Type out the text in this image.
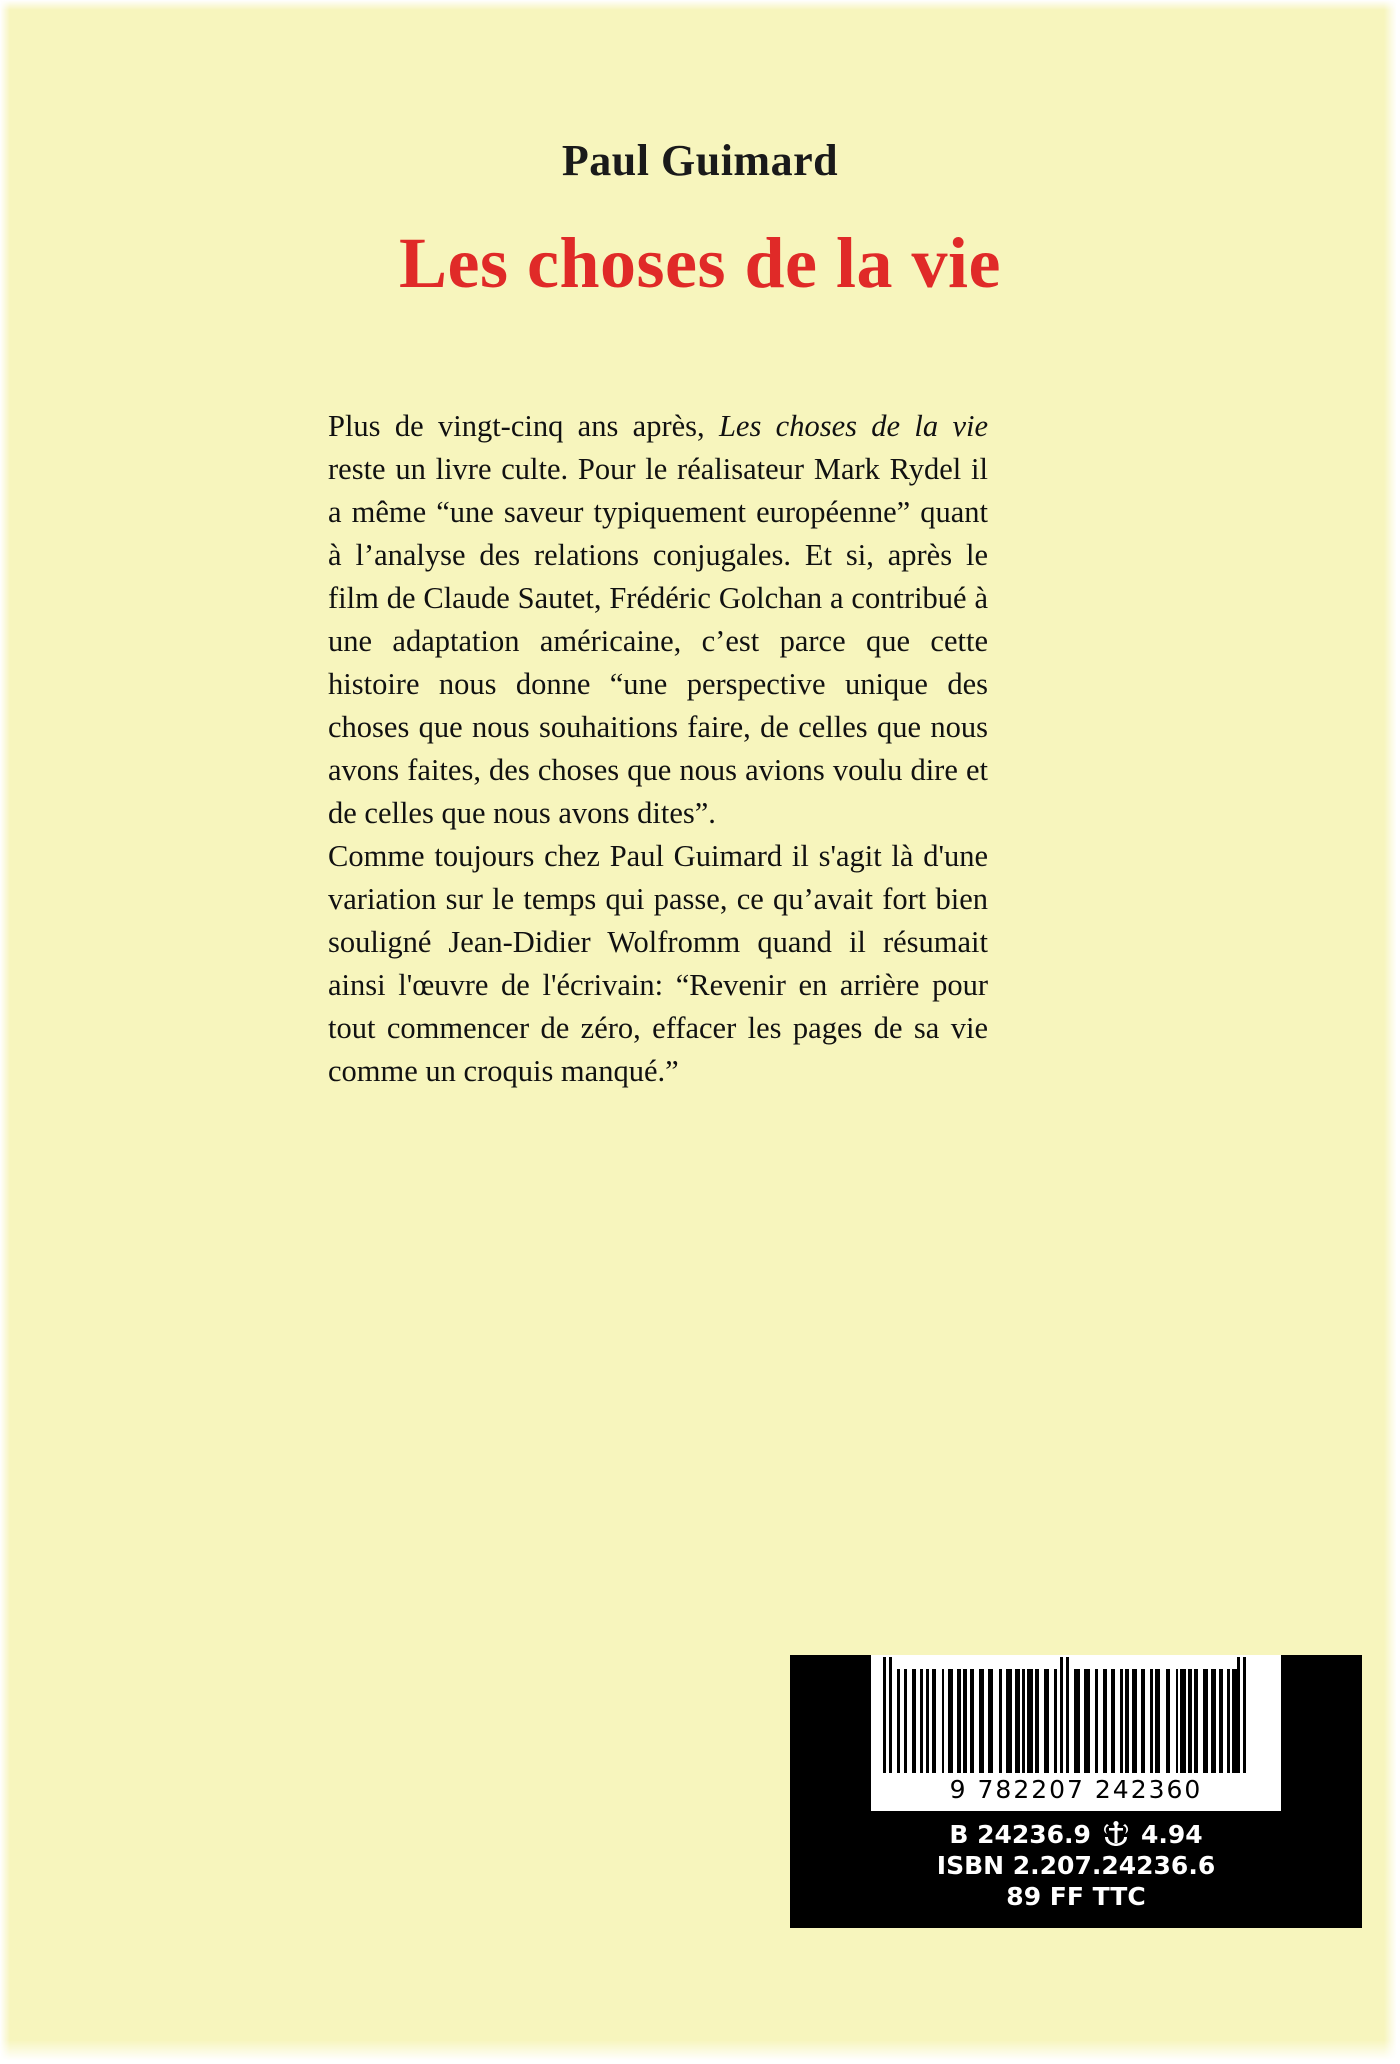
Paul Guimard
Les choses de la vie

Plus de vingt-cinq ans après, Les choses de la vie reste un livre culte. Pour le réalisateur Mark Rydel il a même “une saveur typiquement européenne” quant à l’analyse des relations conjugales. Et si, après le film de Claude Sautet, Frédéric Golchan a contribué à une adaptation américaine, c’est parce que cette histoire nous donne “une perspective unique des choses que nous souhaitions faire, de celles que nous avons faites, des choses que nous avions voulu dire et de celles que nous avons dites”.

Comme toujours chez Paul Guimard il s'agit là d'une variation sur le temps qui passe, ce qu’avait fort bien souligné Jean-Didier Wolfromm quand il résumait ainsi l'œuvre de l'écrivain: “Revenir en arrière pour tout commencer de zéro, effacer les pages de sa vie comme un croquis manqué.”

9 782207 242360
B 24236.9 4.94
ISBN 2.207.24236.6
89 FF TTC
